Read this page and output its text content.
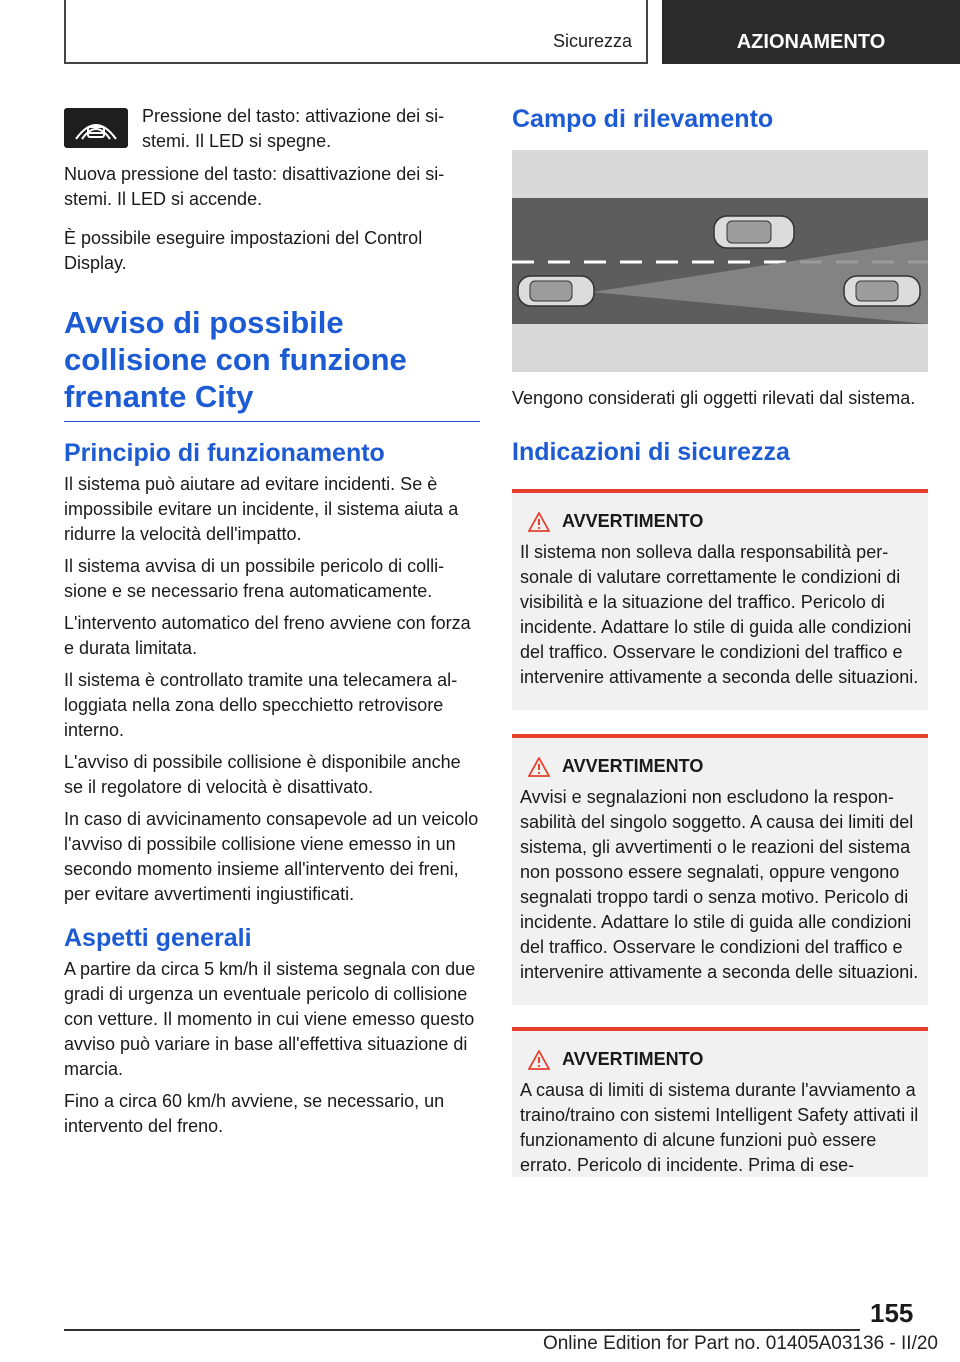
Sicurezza	AZIONAMENTO

Pressione del tasto: attivazione dei sistemi. Il LED si spegne.

Nuova pressione del tasto: disattivazione dei sistemi. Il LED si accende.

È possibile eseguire impostazioni del Control Display.

Avviso di possibile collisione con funzione frenante City
Principio di funzionamento

Il sistema può aiutare ad evitare incidenti. Se è impossibile evitare un incidente, il sistema aiuta a ridurre la velocità dell'impatto.

Il sistema avvisa di un possibile pericolo di collisione e se necessario frena automaticamente.

L'intervento automatico del freno avviene con forza e durata limitata.

Il sistema è controllato tramite una telecamera alloggiata nella zona dello specchietto retrovisore interno.

L'avviso di possibile collisione è disponibile anche se il regolatore di velocità è disattivato.

In caso di avvicinamento consapevole ad un veicolo l'avviso di possibile collisione viene emesso in un secondo momento insieme all'intervento dei freni, per evitare avvertimenti ingiustificati.

Aspetti generali

A partire da circa 5 km/h il sistema segnala con due gradi di urgenza un eventuale pericolo di collisione con vetture. Il momento in cui viene emesso questo avviso può variare in base all'effettiva situazione di marcia.

Fino a circa 60 km/h avviene, se necessario, un intervento del freno.

Campo di rilevamento

Vengono considerati gli oggetti rilevati dal sistema.

Indicazioni di sicurezza
AVVERTIMENTO

Il sistema non solleva dalla responsabilità personale di valutare correttamente le condizioni di visibilità e la situazione del traffico. Pericolo di incidente. Adattare lo stile di guida alle condizioni del traffico. Osservare le condizioni del traffico e intervenire attivamente a seconda delle situazioni.

AVVERTIMENTO

Avvisi e segnalazioni non escludono la responsabilità del singolo soggetto. A causa dei limiti del sistema, gli avvertimenti o le reazioni del sistema non possono essere segnalati, oppure vengono segnalati troppo tardi o senza motivo. Pericolo di incidente. Adattare lo stile di guida alle condizioni del traffico. Osservare le condizioni del traffico e intervenire attivamente a seconda delle situazioni.

AVVERTIMENTO

A causa di limiti di sistema durante l'avviamento a traino/traino con sistemi Intelligent Safety attivati il funzionamento di alcune funzioni può essere errato. Pericolo di incidente. Prima di ese-

155
Online Edition for Part no. 01405A03136 - II/20
